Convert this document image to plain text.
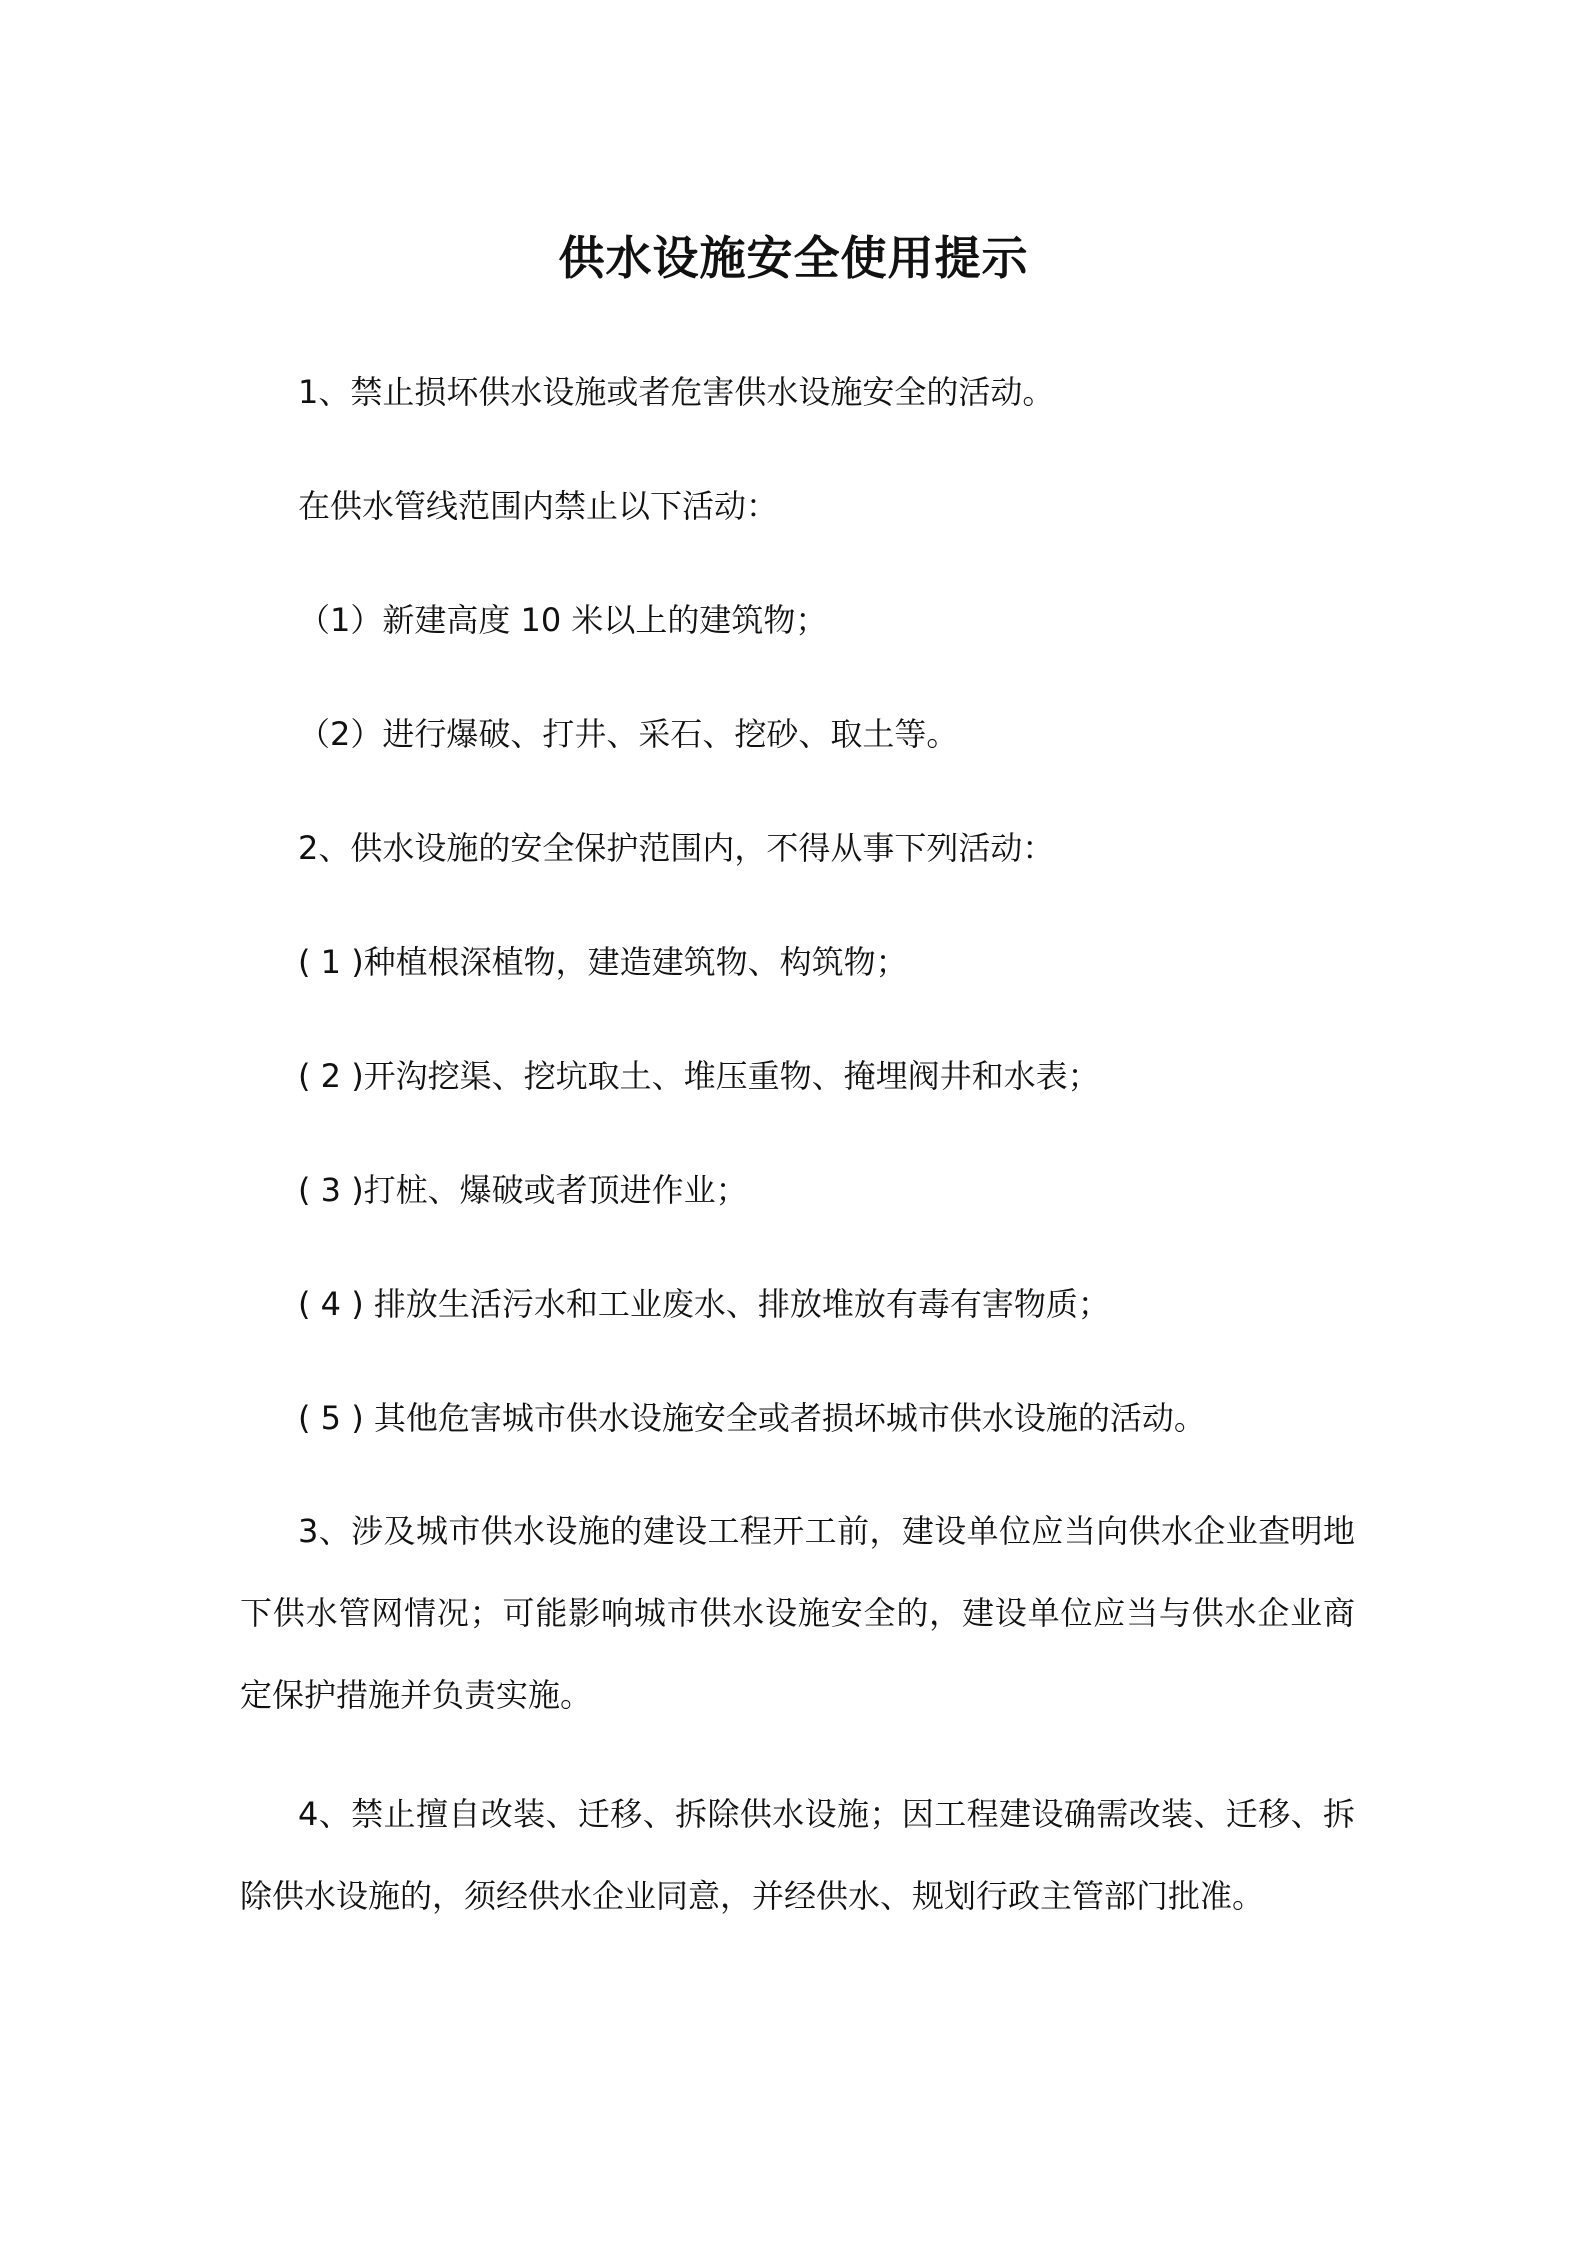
供水设施安全使用提示

1、禁止损坏供水设施或者危害供水设施安全的活动。

在供水管线范围内禁止以下活动：

（1）新建高度 10 米以上的建筑物；

（2）进行爆破、打井、采石、挖砂、取土等。

2、供水设施的安全保护范围内，不得从事下列活动：

( 1 )种植根深植物，建造建筑物、构筑物；

( 2 )开沟挖渠、挖坑取土、堆压重物、掩埋阀井和水表；

( 3 )打桩、爆破或者顶进作业；

( 4 ) 排放生活污水和工业废水、排放堆放有毒有害物质；

( 5 ) 其他危害城市供水设施安全或者损坏城市供水设施的活动。

3、涉及城市供水设施的建设工程开工前，建设单位应当向供水企业查明地下供水管网情况；可能影响城市供水设施安全的，建设单位应当与供水企业商定保护措施并负责实施。

4、禁止擅自改装、迁移、拆除供水设施；因工程建设确需改装、迁移、拆除供水设施的，须经供水企业同意，并经供水、规划行政主管部门批准。
